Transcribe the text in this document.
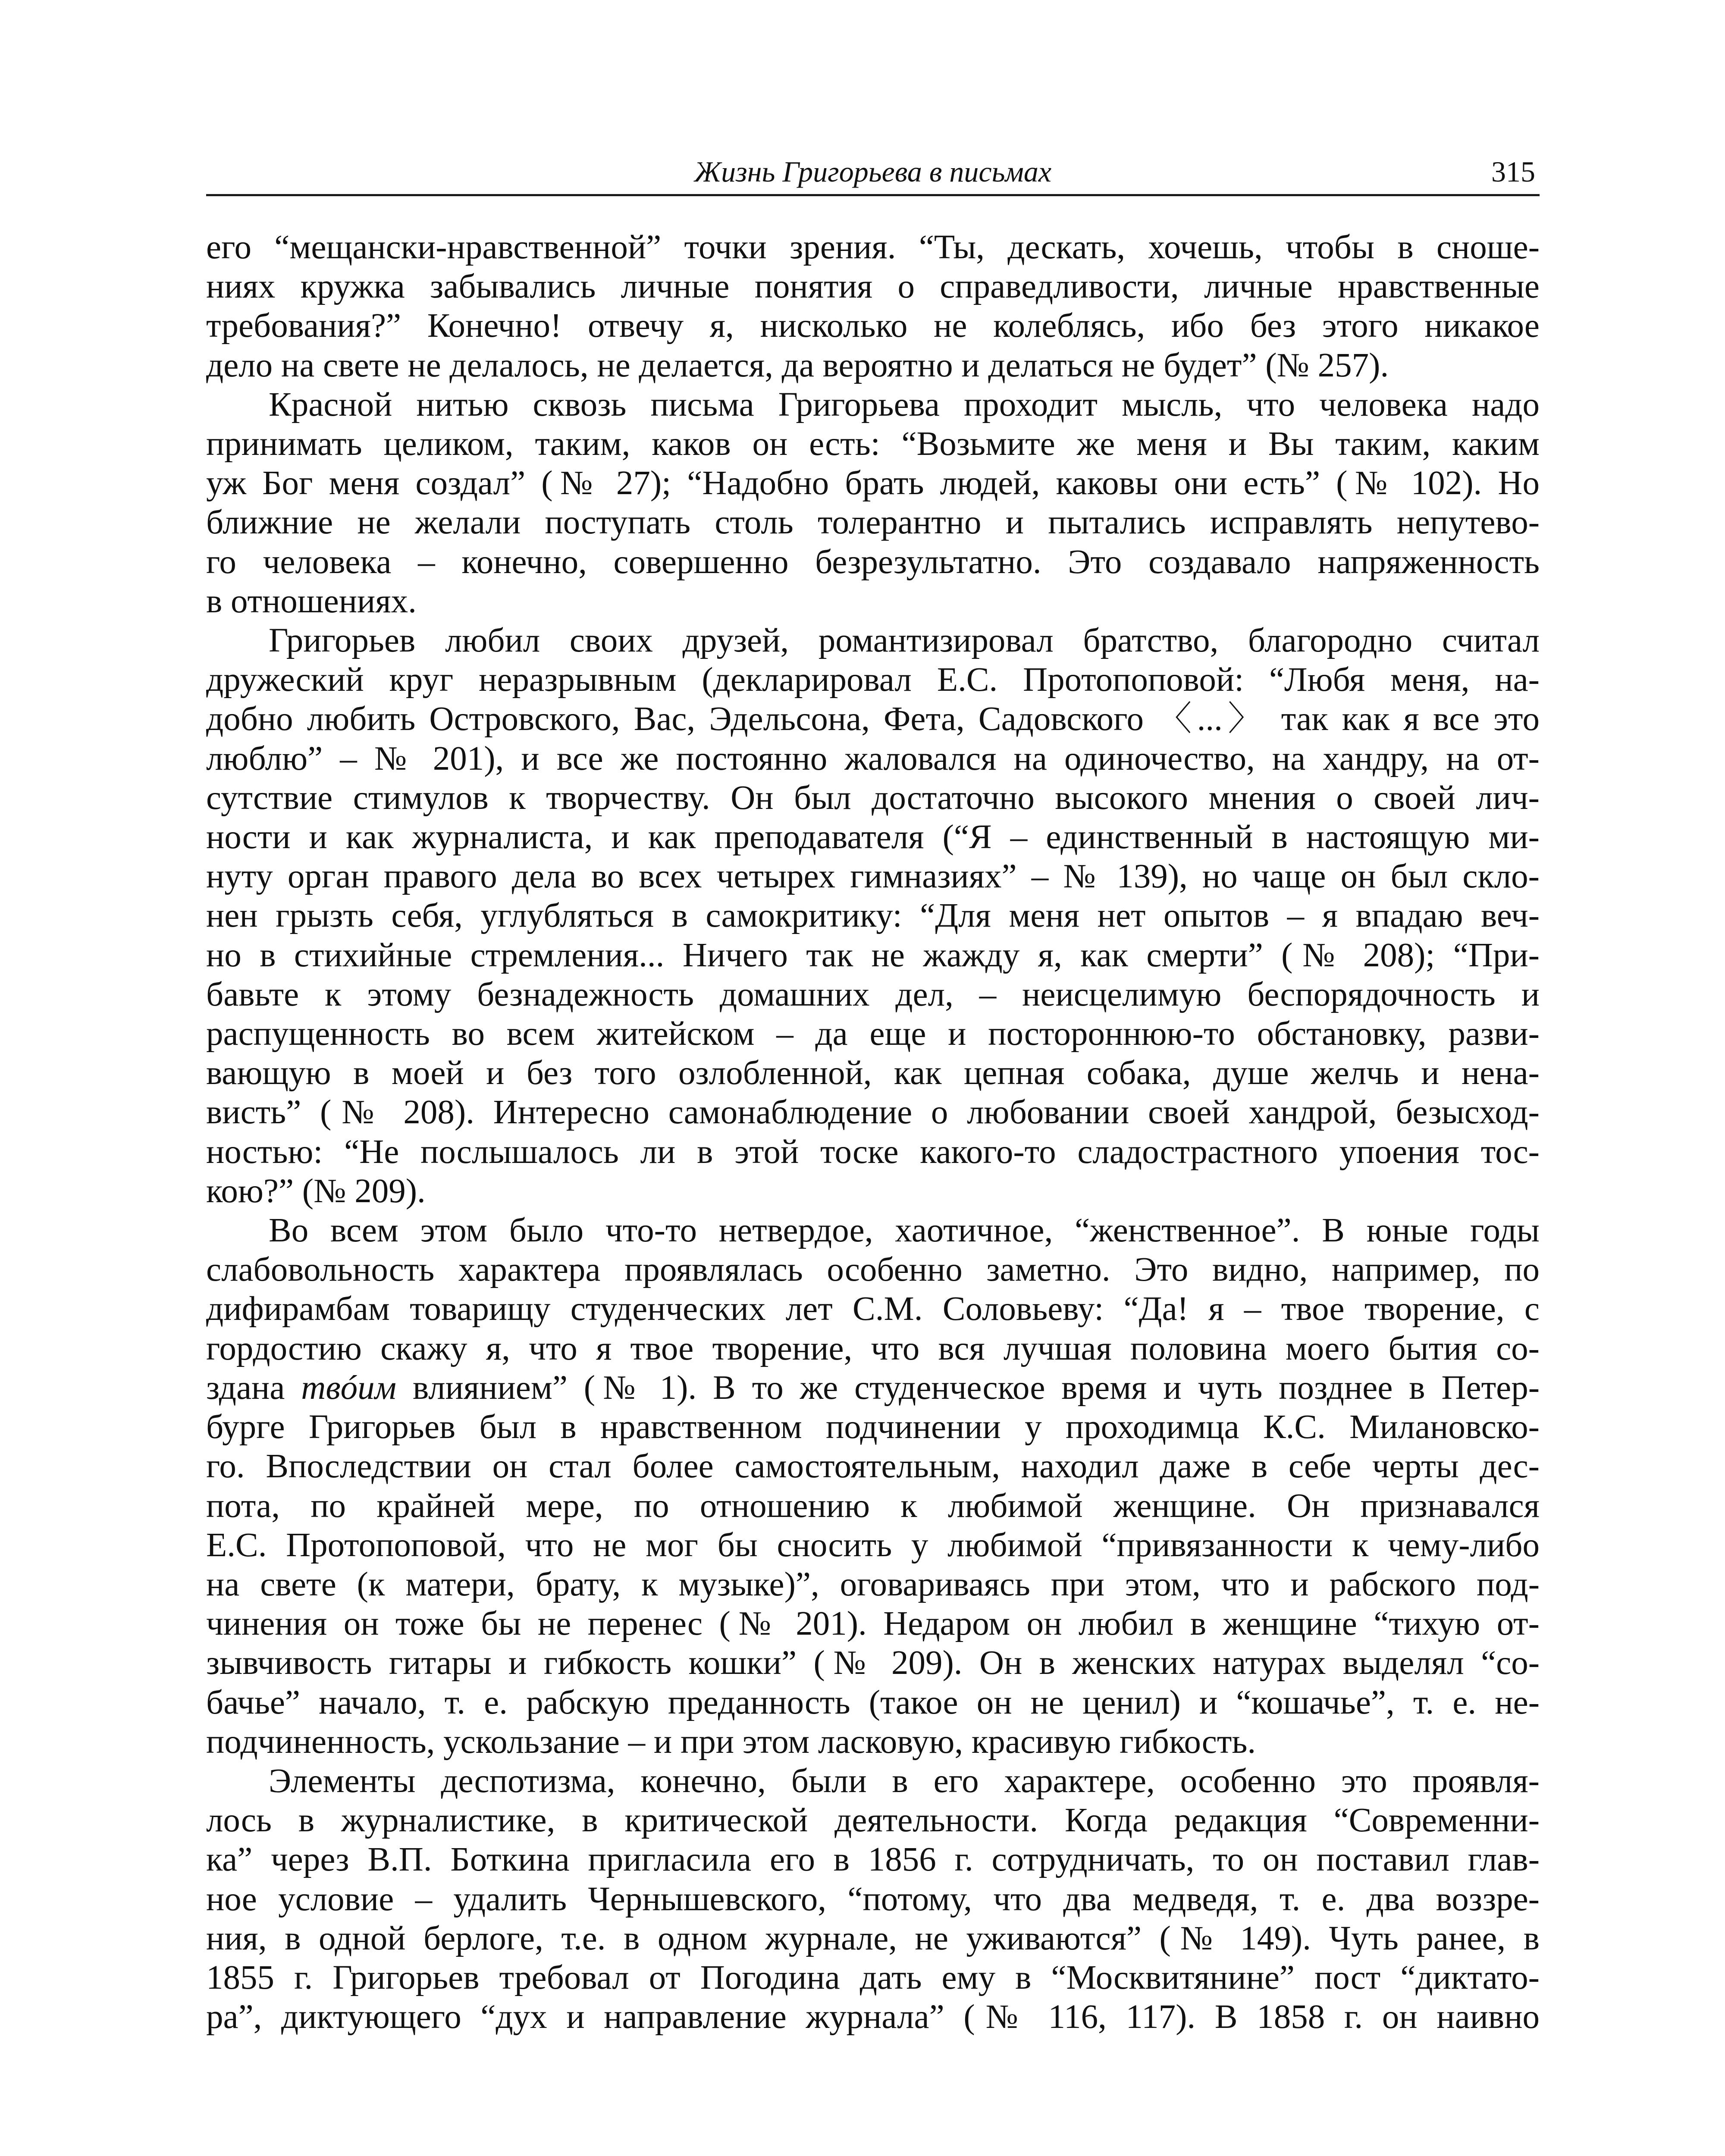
Жизнь Григорьева в письмах	315
его “мещански-нравственной” точки зрения. “Ты, дескать, хочешь, чтобы в сноше-
ниях кружка забывались личные понятия о справедливости, личные нравственные
требования?” Конечно! отвечу я, нисколько не колеблясь, ибо без этого никакое
дело на свете не делалось, не делается, да вероятно и делаться не будет” (№ 257).
Красной нитью сквозь письма Григорьева проходит мысль, что человека надо
принимать целиком, таким, каков он есть: “Возьмите же меня и Вы таким, каким
уж Бог меня создал” (№ 27); “Надобно брать людей, каковы они есть” (№ 102). Но
ближние не желали поступать столь толерантно и пытались исправлять непутево-
го человека – конечно, совершенно безрезультатно. Это создавало напряженность
в отношениях.
Григорьев любил своих друзей, романтизировал братство, благородно считал
дружеский круг неразрывным (декларировал Е.С. Протопоповой: “Любя меня, на-
добно любить Островского, Вас, Эдельсона, Фета, Садовского 〈...〉 так как я все это
люблю” – № 201), и все же постоянно жаловался на одиночество, на хандру, на от-
сутствие стимулов к творчеству. Он был достаточно высокого мнения о своей лич-
ности и как журналиста, и как преподавателя (“Я – единственный в настоящую ми-
нуту орган правого дела во всех четырех гимназиях” – № 139), но чаще он был скло-
нен грызть себя, углубляться в самокритику: “Для меня нет опытов – я впадаю веч-
но в стихийные стремления... Ничего так не жажду я, как смерти” (№ 208); “При-
бавьте к этому безнадежность домашних дел, – неисцелимую беспорядочность и
распущенность во всем житейском – да еще и постороннюю-то обстановку, разви-
вающую в моей и без того озлобленной, как цепная собака, душе желчь и нена-
висть” (№ 208). Интересно самонаблюдение о любовании своей хандрой, безысход-
ностью: “Не послышалось ли в этой тоске какого-то сладострастного упоения тос-
кою?” (№ 209).
Во всем этом было что-то нетвердое, хаотичное, “женственное”. В юные годы
слабовольность характера проявлялась особенно заметно. Это видно, например, по
дифирамбам товарищу студенческих лет С.М. Соловьеву: “Да! я – твое творение, с
гордостию скажу я, что я твое творение, что вся лучшая половина моего бытия со-
здана твóим влиянием” (№ 1). В то же студенческое время и чуть позднее в Петер-
бурге Григорьев был в нравственном подчинении у проходимца К.С. Милановско-
го. Впоследствии он стал более самостоятельным, находил даже в себе черты дес-
пота, по крайней мере, по отношению к любимой женщине. Он признавался
Е.С. Протопоповой, что не мог бы сносить у любимой “привязанности к чему-либо
на свете (к матери, брату, к музыке)”, оговариваясь при этом, что и рабского под-
чинения он тоже бы не перенес (№ 201). Недаром он любил в женщине “тихую от-
зывчивость гитары и гибкость кошки” (№ 209). Он в женских натурах выделял “со-
бачье” начало, т. е. рабскую преданность (такое он не ценил) и “кошачье”, т. е. не-
подчиненность, ускользание – и при этом ласковую, красивую гибкость.
Элементы деспотизма, конечно, были в его характере, особенно это проявля-
лось в журналистике, в критической деятельности. Когда редакция “Современни-
ка” через В.П. Боткина пригласила его в 1856 г. сотрудничать, то он поставил глав-
ное условие – удалить Чернышевского, “потому, что два медведя, т. е. два воззре-
ния, в одной берлоге, т.е. в одном журнале, не уживаются” (№ 149). Чуть ранее, в
1855 г. Григорьев требовал от Погодина дать ему в “Москвитянине” пост “диктато-
ра”, диктующего “дух и направление журнала” (№ 116, 117). В 1858 г. он наивно
